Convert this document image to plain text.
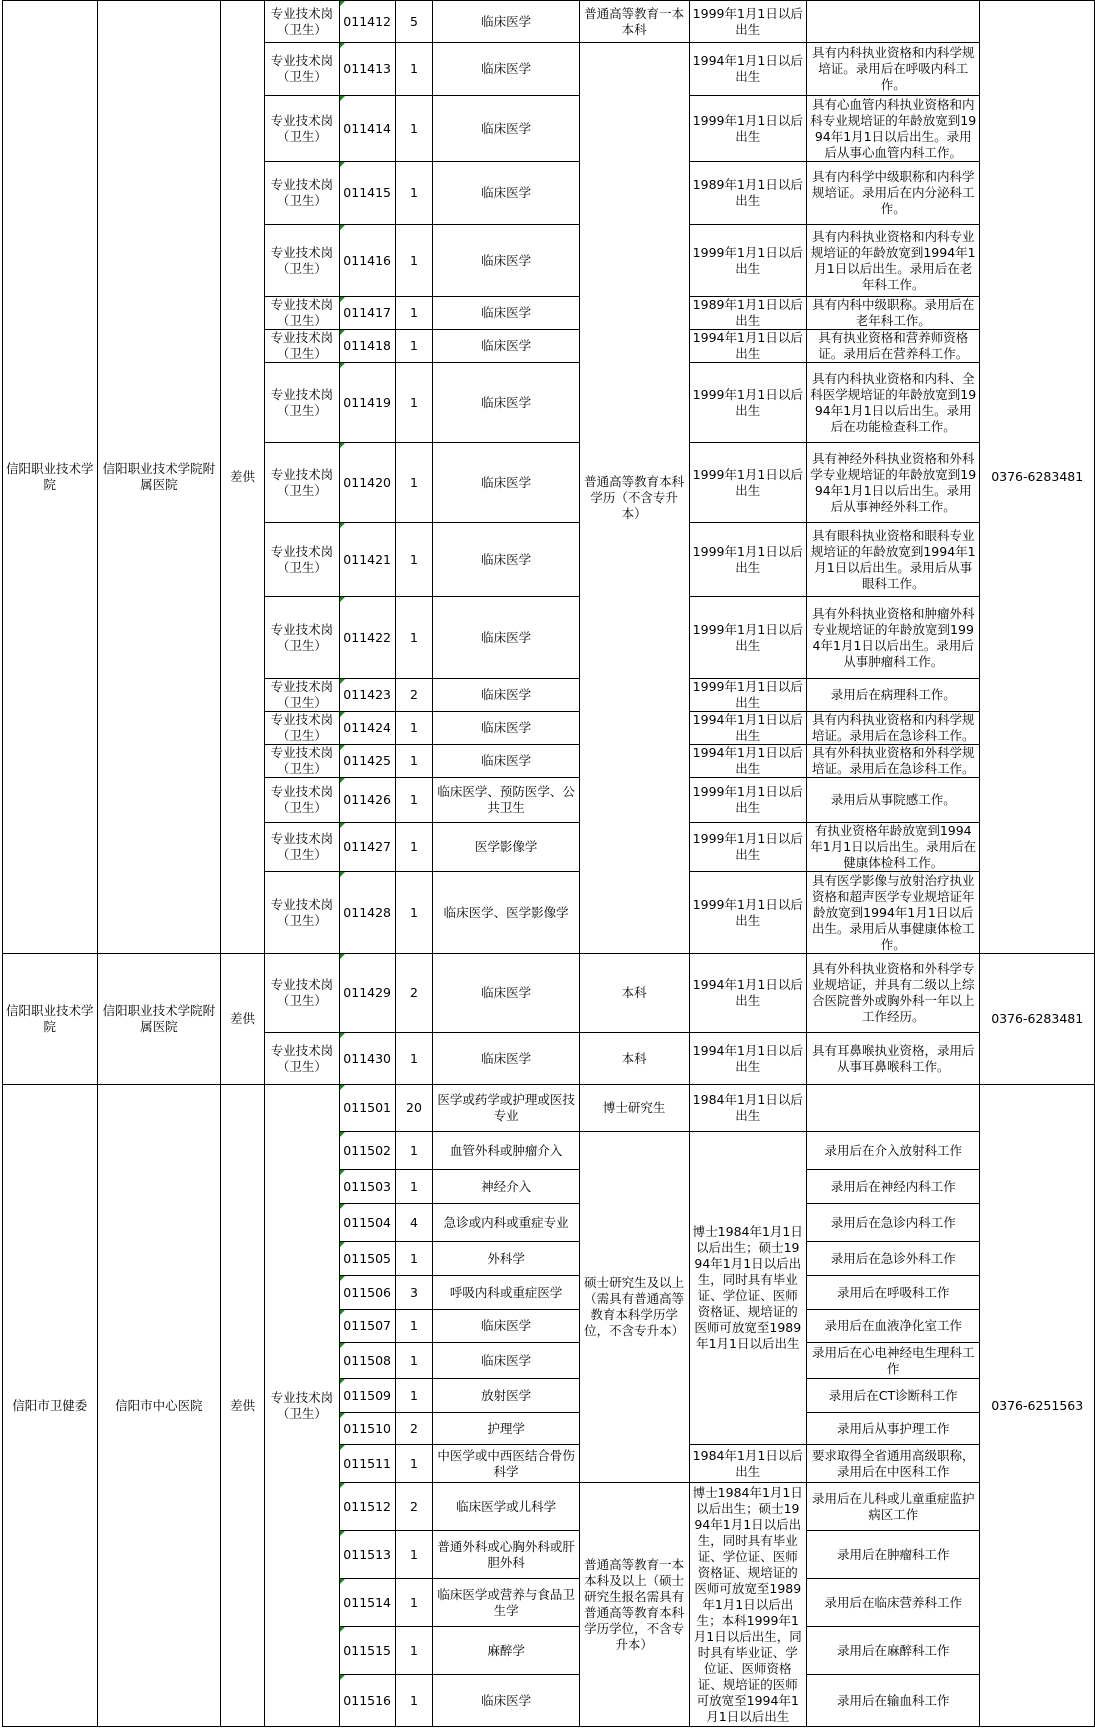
信阳职业技术学院	信阳职业技术学院附属医院	差供	专业技术岗（卫生）	011412	5	临床医学	普通高等教育一本本科	1999年1月1日以后出生		0376-6283481
			专业技术岗（卫生）	011413	1	临床医学	普通高等教育本科学历（不含专升本）	1994年1月1日以后出生	具有内科执业资格和内科学规培证。录用后在呼吸内科工作。	
			专业技术岗（卫生）	011414	1	临床医学		1999年1月1日以后出生	具有心血管内科执业资格和内科专业规培证的年龄放宽到1994年1月1日以后出生。录用后从事心血管内科工作。	
			专业技术岗（卫生）	011415	1	临床医学		1989年1月1日以后出生	具有内科学中级职称和内科学规培证。录用后在内分泌科工作。	
			专业技术岗（卫生）	011416	1	临床医学		1999年1月1日以后出生	具有内科执业资格和内科专业规培证的年龄放宽到1994年1月1日以后出生。录用后在老年科工作。	
			专业技术岗（卫生）	011417	1	临床医学		1989年1月1日以后出生	具有内科中级职称。录用后在老年科工作。	
			专业技术岗（卫生）	011418	1	临床医学		1994年1月1日以后出生	具有执业资格和营养师资格证。录用后在营养科工作。	
			专业技术岗（卫生）	011419	1	临床医学		1999年1月1日以后出生	具有内科执业资格和内科、全科医学规培证的年龄放宽到1994年1月1日以后出生。录用后在功能检查科工作。	
			专业技术岗（卫生）	011420	1	临床医学		1999年1月1日以后出生	具有神经外科执业资格和外科学专业规培证的年龄放宽到1994年1月1日以后出生。录用后从事神经外科工作。	
			专业技术岗（卫生）	011421	1	临床医学		1999年1月1日以后出生	具有眼科执业资格和眼科专业规培证的年龄放宽到1994年1月1日以后出生。录用后从事眼科工作。	
			专业技术岗（卫生）	011422	1	临床医学		1999年1月1日以后出生	具有外科执业资格和肿瘤外科专业规培证的年龄放宽到1994年1月1日以后出生。录用后从事肿瘤科工作。	
			专业技术岗（卫生）	011423	2	临床医学		1999年1月1日以后出生	录用后在病理科工作。	
			专业技术岗（卫生）	011424	1	临床医学		1994年1月1日以后出生	具有内科执业资格和内科学规培证。录用后在急诊科工作。	
			专业技术岗（卫生）	011425	1	临床医学		1994年1月1日以后出生	具有外科执业资格和外科学规培证。录用后在急诊科工作。	
			专业技术岗（卫生）	011426	1	临床医学、预防医学、公共卫生		1999年1月1日以后出生	录用后从事院感工作。	
			专业技术岗（卫生）	011427	1	医学影像学		1999年1月1日以后出生	有执业资格年龄放宽到1994年1月1日以后出生。录用后在健康体检科工作。	
			专业技术岗（卫生）	011428	1	临床医学、医学影像学		1999年1月1日以后出生	具有医学影像与放射治疗执业资格和超声医学专业规培证年龄放宽到1994年1月1日以后出生。录用后从事健康体检工作。	
信阳职业技术学院	信阳职业技术学院附属医院	差供	专业技术岗（卫生）	011429	2	临床医学	本科	1994年1月1日以后出生	具有外科执业资格和外科学专业规培证，并具有二级以上综合医院普外或胸外科一年以上工作经历。	0376-6283481
			专业技术岗（卫生）	011430	1	临床医学	本科	1994年1月1日以后出生	具有耳鼻喉执业资格，录用后从事耳鼻喉科工作。	
信阳市卫健委	信阳市中心医院	差供	专业技术岗（卫生）	011501	20	医学或药学或护理或医技专业	博士研究生	1984年1月1日以后出生		0376-6251563
				011502	1	血管外科或肿瘤介入	硕士研究生及以上（需具有普通高等教育本科学历学位，不含专升本）	博士1984年1月1日以后出生；硕士1994年1月1日以后出生，同时具有毕业证、学位证、医师资格证、规培证的医师可放宽至1989年1月1日以后出生	录用后在介入放射科工作	
				011503	1	神经介入			录用后在神经内科工作	
				011504	4	急诊或内科或重症专业			录用后在急诊内科工作	
				011505	1	外科学			录用后在急诊外科工作	
				011506	3	呼吸内科或重症医学			录用后在呼吸科工作	
				011507	1	临床医学			录用后在血液净化室工作	
				011508	1	临床医学			录用后在心电神经电生理科工作	
				011509	1	放射医学			录用后在CT诊断科工作	
				011510	2	护理学			录用后从事护理工作	
				011511	1	中医学或中西医结合骨伤科学		1984年1月1日以后出生	要求取得全省通用高级职称，录用后在中医科工作	
				011512	2	临床医学或儿科学	普通高等教育一本本科及以上（硕士研究生报名需具有普通高等教育本科学历学位，不含专升本）	博士1984年1月1日以后出生；硕士1994年1月1日以后出生，同时具有毕业证、学位证、医师资格证、规培证的医师可放宽至1989年1月1日以后出生；本科1999年1月1日以后出生，同时具有毕业证、学位证、医师资格证、规培证的医师可放宽至1994年1月1日以后出生	录用后在儿科或儿童重症监护病区工作	
				011513	1	普通外科或心胸外科或肝胆外科			录用后在肿瘤科工作	
				011514	1	临床医学或营养与食品卫生学			录用后在临床营养科工作	
				011515	1	麻醉学			录用后在麻醉科工作	
				011516	1	临床医学			录用后在输血科工作	
